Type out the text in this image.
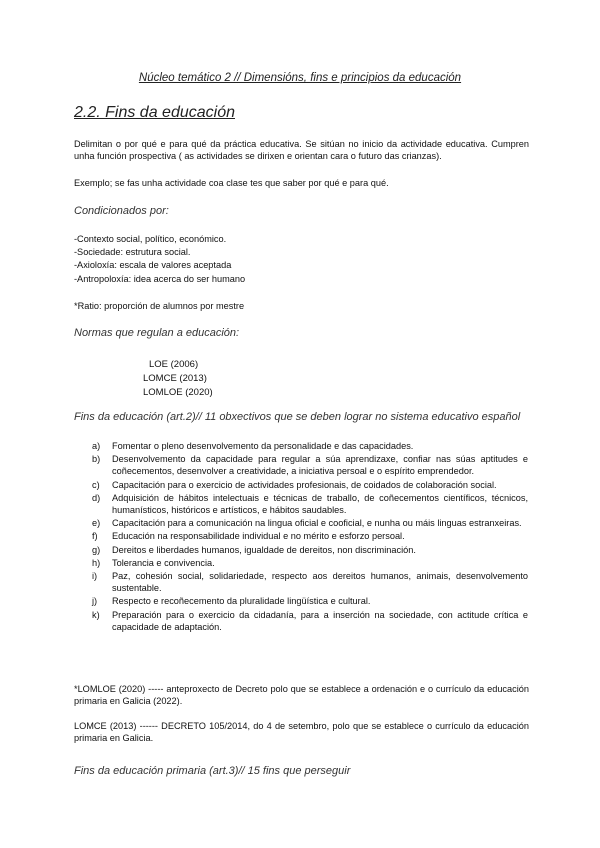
Núcleo temático 2 // Dimensións, fins e principios da educación
2.2. Fins da educación
Delimitan o por qué e para qué da práctica educativa. Se sitúan no inicio da actividade educativa. Cumpren unha función prospectiva ( as actividades se dirixen e orientan cara o futuro das crianzas).
Exemplo; se fas unha actividade coa clase tes que saber por qué e para qué.
Condicionados por:
-Contexto social, político, económico.
-Sociedade: estrutura social.
-Axioloxía: escala de valores aceptada
-Antropoloxía: idea acerca do ser humano
*Ratio: proporción de alumnos por mestre
Normas que regulan a educación:
LOE (2006)
LOMCE (2013)
LOMLOE (2020)
Fins da educación (art.2)// 11 obxectivos que se deben lograr no sistema educativo español
a) Fomentar o pleno desenvolvemento da personalidade e das capacidades.
b) Desenvolvemento da capacidade para regular a súa aprendizaxe, confiar nas súas aptitudes e coñecementos, desenvolver a creatividade, a iniciativa persoal e o espírito emprendedor.
c) Capacitación para o exercicio de actividades profesionais, de coidados de colaboración social.
d) Adquisición de hábitos intelectuais e técnicas de traballo, de coñecementos científicos, técnicos, humanísticos, históricos e artísticos, e hábitos saudables.
e) Capacitación para a comunicación na lingua oficial e cooficial, e nunha ou máis linguas estranxeiras.
f) Educación na responsabilidade individual e no mérito e esforzo persoal.
g) Dereitos e liberdades humanos, igualdade de dereitos, non discriminación.
h) Tolerancia e convivencia.
i) Paz, cohesión social, solidariedade, respecto aos dereitos humanos, animais, desenvolvemento sustentable.
j) Respecto e recoñecemento da pluralidade lingüística e cultural.
k) Preparación para o exercicio da cidadanía, para a inserción na sociedade, con actitude crítica e capacidade de adaptación.
*LOMLOE (2020) ----- anteproxecto de Decreto polo que se establece a ordenación e o currículo da educación primaria en Galicia (2022).
LOMCE (2013) ------ DECRETO 105/2014, do 4 de setembro, polo que se establece o currículo da educación primaria en Galicia.
Fins da educación primaria (art.3)// 15 fins que perseguir
